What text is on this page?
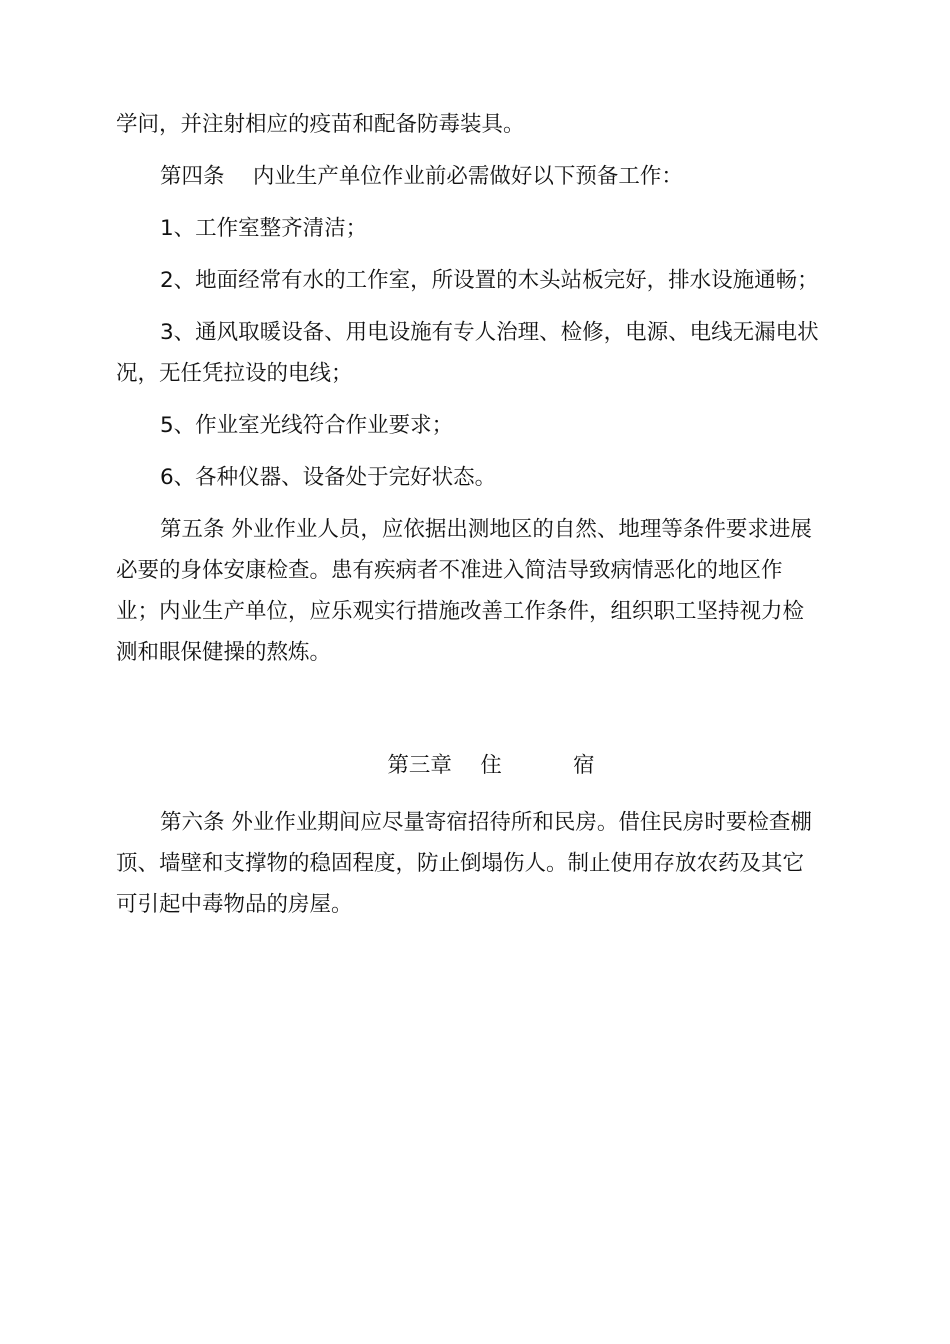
学问，并注射相应的疫苗和配备防毒装具。
第四条　 内业生产单位作业前必需做好以下预备工作：
1、工作室整齐清洁；
2、地面经常有水的工作室，所设置的木头站板完好，排水设施通畅；
3、通风取暖设备、用电设施有专人治理、检修，电源、电线无漏电状
况，无任凭拉设的电线；
5、作业室光线符合作业要求；
6、各种仪器、设备处于完好状态。
第五条 外业作业人员，应依据出测地区的自然、地理等条件要求进展
必要的身体安康检查。患有疾病者不准进入简洁导致病情恶化的地区作
业；内业生产单位，应乐观实行措施改善工作条件，组织职工坚持视力检
测和眼保健操的熬炼。
第三章　 住　　　 宿
第六条 外业作业期间应尽量寄宿招待所和民房。借住民房时要检查棚
顶、墙壁和支撑物的稳固程度，防止倒塌伤人。制止使用存放农药及其它
可引起中毒物品的房屋。
